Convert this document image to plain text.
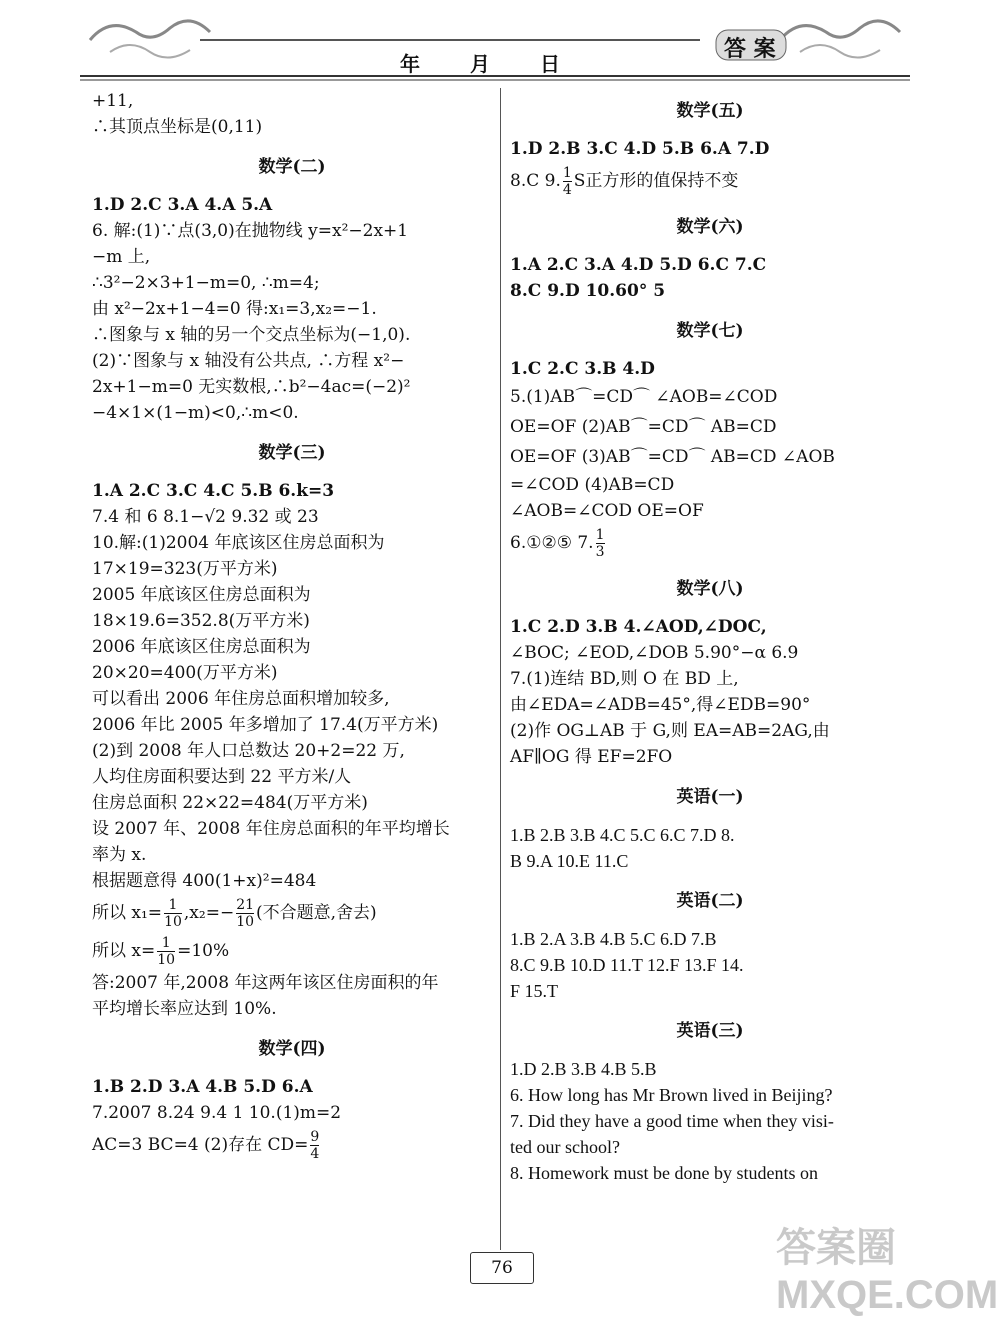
年 月 日
答 案
+11,
∴其顶点坐标是(0,11)
数学(二)
1.D 2.C 3.A 4.A 5.A
6. 解:(1)∵点(3,0)在抛物线 y=x²−2x+1
−m 上,
∴3²−2×3+1−m=0, ∴m=4;
由 x²−2x+1−4=0 得:x₁=3,x₂=−1.
∴图象与 x 轴的另一个交点坐标为(−1,0).
(2)∵图象与 x 轴没有公共点, ∴方程 x²−
2x+1−m=0 无实数根,∴b²−4ac=(−2)²
−4×1×(1−m)<0,∴m<0.
数学(三)
1.A 2.C 3.C 4.C 5.B 6.k=3
7.4 和 6 8.1−√2 9.32 或 23
10.解:(1)2004 年底该区住房总面积为
17×19=323(万平方米)
2005 年底该区住房总面积为
18×19.6=352.8(万平方米)
2006 年底该区住房总面积为
20×20=400(万平方米)
可以看出 2006 年住房总面积增加较多,
2006 年比 2005 年多增加了 17.4(万平方米)
(2)到 2008 年人口总数达 20+2=22 万,
人均住房面积要达到 22 平方米/人
住房总面积 22×22=484(万平方米)
设 2007 年、2008 年住房总面积的年平均增长
率为 x.
根据题意得 400(1+x)²=484
所以 $x_1= \frac{1}{10} ,x_2=- \frac{21}{10}$ (不合题意,舍去)
所以 $x= \frac{1}{10} =10\%$
答:2007 年,2008 年这两年该区住房面积的年
平均增长率应达到 10%.
数学(四)
1.B 2.D 3.A 4.B 5.D 6.A
7.2007 8.24 9.4 1 10.(1)m=2
AC=3 BC=4 (2)存在 $CD= \frac{9}{4}$
数学(五)
1.D 2.B 3.C 4.D 5.B 6.A 7.D
8.C 9. $\frac{1}{4}$ S正方形的值保持不变
数学(六)
1.A 2.C 3.A 4.D 5.D 6.C 7.C
8.C 9.D 10.60° 5
数学(七)
1.C 2.C 3.B 4.D
5.(1)AB⌒=CD⌒ ∠AOB=∠COD
OE=OF (2)AB⌒=CD⌒ AB=CD
OE=OF (3)AB⌒=CD⌒ AB=CD ∠AOB
=∠COD (4)AB=CD
∠AOB=∠COD OE=OF
6.①②⑤ 7. $\frac{1}{3}$
数学(八)
1.C 2.D 3.B 4.∠AOD,∠DOC,
∠BOC; ∠EOD,∠DOB 5.90°−α 6.9
7.(1)连结 BD,则 O 在 BD 上,
由∠EDA=∠ADB=45°,得∠EDB=90°
(2)作 OG⊥AB 于 G,则 EA=AB=2AG,由
AF∥OG 得 EF=2FO
英语(一)
1.B 2.B 3.B 4.C 5.C 6.C 7.D 8.
B 9.A 10.E 11.C
英语(二)
1.B 2.A 3.B 4.B 5.C 6.D 7.B
8.C 9.B 10.D 11.T 12.F 13.F 14.
F 15.T
英语(三)
1.D 2.B 3.B 4.B 5.B
6. How long has Mr Brown lived in Beijing?
7. Did they have a good time when they visi-
ted our school?
8. Homework must be done by students on
76	答案圈 MXQE.COM
